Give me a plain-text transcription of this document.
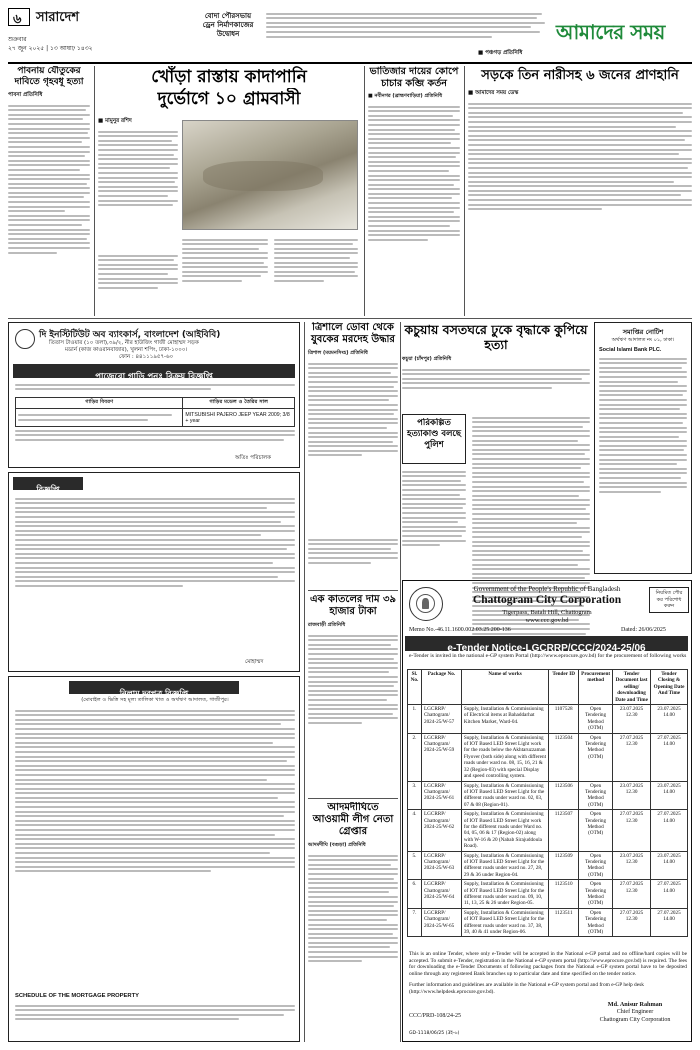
৬ সারাদেশ
শুক্রবার
২৭ জুন ২০২৫ | ১৩ আষাঢ় ১৪৩২
বোদা পৌরসভায় ড্রেন নির্মাণকাজের উদ্বোধন
■ পঞ্চগড় প্রতিনিধি
আমাদের সময়
পাবনায় যৌতুকের দাবিতে গৃহবধূ হত্যা
পাবনা প্রতিনিধি
খোঁড়া রাস্তায় কাদাপানি
দুর্ভোগে ১০ গ্রামবাসী
■ মামুনুর রশিদ
ভাতিজার দায়ের কোপে চাচার কব্জি কর্তন
■ নবীনগর (ব্রাহ্মণবাড়িয়া) প্রতিনিধি
সড়কে তিন নারীসহ ৬ জনের প্রাণহানি
■ আমাদের সময় ডেস্ক
দি ইনস্টিটিউট অব ব্যাংকার্স, বাংলাদেশ (আইবিবি)
তিতাস টাওয়ার (১০ তলা),৩৯/২, নীর হাউজিং গাজী মোহাম্মদ সড়ক
মডার্ন (কাজ কাওরানবাজার), খুলনা শপিং, ঢাকা-১০০০।
ফোন : ৪৪১১১৯৫৭-৬০
পাজেরো গাড়ি পুনঃ বিক্রয় বিজ্ঞপ্তি
গাড়ির বিবরণ	গাড়ির মডেল ও তৈরির সাল

	MITSUBISHI PAJERO JEEP YEAR 2009; 3/8 + year
অতিঃ পরিচালক
বিজ্ঞপ্তি
মোহাম্মদ
নিলাম দরপত্র বিজ্ঞপ্তি
(মোবাইল ও ভিত্তি সহ মূল্য তালিকা খাত ও অর্থঋণ আদালত, গাজীপুর।
SCHEDULE OF THE MORTGAGE PROPERTY
ত্রিশালে ডোবা থেকে যুবকের মরদেহ উদ্ধার
ত্রিশাল (ময়মনসিংহ) প্রতিনিধি
কচুয়ায় বসতঘরে ঢুকে বৃদ্ধাকে কুপিয়ে হত্যা
কচুয়া (চাঁদপুর) প্রতিনিধি
পরিকল্পিত হত্যাকাণ্ড বলছে পুলিশ
এক কাতলের দাম ৩৯ হাজার টাকা
রাজবাড়ী প্রতিনিধি
আদমদীঘিতে আওয়ামী লীগ নেতা গ্রেপ্তার
আদমদীঘি (বগুড়া) প্রতিনিধি
সমাপ্তির নোটিশ
অর্থঋণ আদালত নং ০১, ঢাকা।
Social Islami Bank PLC.
Government of the People's Republic of Bangladesh
Chattogram City Corporation
Tigerpass, Batali Hill, Chattogram
www.ccc.gov.bd
নিয়মিত পৌর কর পরিশোধ করুন
Memo No.-46.11.1600.002.03.25.200-136	Dated: 26/06/2025
e-Tender Notice-LGCRRP/CCC/2024-25/06
e-Tender is invited in the national e-GP system Portal (http://www.eprocure.gov.bd) for the procurement of following works
Sl. No.	Package No.	Name of works	Tender ID	Procurement method	Tender Document last selling/ downloading Date and Time	Tender Closing & Opening Date And Time
1.	LGCRRP/ Chattogram/ 2024-25/W-57	Supply, Installation & Commissioning of Electrical items at Bahaddarhat Kitchen Market, Ward-04.	1107528	Open Tendering Method (OTM)	23.07.2025 12.30	23.07.2025 14.00
2.	LGCRRP/ Chattogram/ 2024-25/W-59	Supply, Installation & Commissioning of IOT Based LED Street Light work for the roads below the Akhtaruzzaman Flyover (both side) along with different roads under ward no. 08, 15, 16, 21 & 32 (Region-03) with special Display and speed controlling system.	1123504	Open Tendering Method (OTM)	27.07.2025 12.30	27.07.2025 14.00
3.	LGCRRP/ Chattogram/ 2024-25/W-61	Supply, Installation & Commissioning of IOT Based LED Street Light for the different roads under ward no. 02, 03, 07 & 08 (Region-01).	1123506	Open Tendering Method (OTM)	23.07.2025 12.30	23.07.2025 14.00
4.	LGCRRP/ Chattogram/ 2024-25/W-62	Supply, Installation & Commissioning of IOT Based LED Street Light work for the different roads under Ward no. 04, 05, 06 & 17 (Region-02) along with W-16 & 20 (Nabab Sirajuddoula Road).	1123507	Open Tendering Method (OTM)	27.07.2025 12.30	27.07.2025 14.00
5.	LGCRRP/ Chattogram/ 2024-25/W-63	Supply, Installation & Commissioning of IOT Based LED Street Light for the different roads under ward no. 27, 28, 29 & 36 under Region-04.	1123509	Open Tendering Method (OTM)	23.07.2025 12.30	23.07.2025 14.00
6.	LGCRRP/ Chattogram/ 2024-25/W-64	Supply, Installation & Commissioning of IOT Based LED Street Light for the different roads under ward no. 09, 10, 11, 13, 25 & 26 under Region-05.	1123510	Open Tendering Method (OTM)	27.07.2025 12.30	27.07.2025 14.00
7.	LGCRRP/ Chattogram/ 2024-25/W-65	Supply, Installation & Commissioning of IOT Based LED Street Light for the different roads under ward no. 37, 38, 39, 40 & 41 under Region-06.	1123511	Open Tendering Method (OTM)	27.07.2025 12.30	27.07.2025 14.00
This is an online Tender, where only e-Tender will be accepted in the National e-GP portal and no offline/hard copies will be accepted. To submit e-Tender, registration in the National e-GP system portal (http://www.eprocure.gov.bd) is required. The fees for downloading the e-Tender Documents of following packages from the National e-GP system portal have to be deposited online through any registered Bank branches up to particular date and time specified on the tender notice.
Further information and guidelines are available in the National e-GP system portal and from e-GP help desk (http://www.helpdesk.eprocure.gov.bd).
Md. Anisur Rahman
Chief Engineer
Chattogram City Corporation
CCC/PRD-108/24-25
GD-1118/06/25 (3ই-৬)
